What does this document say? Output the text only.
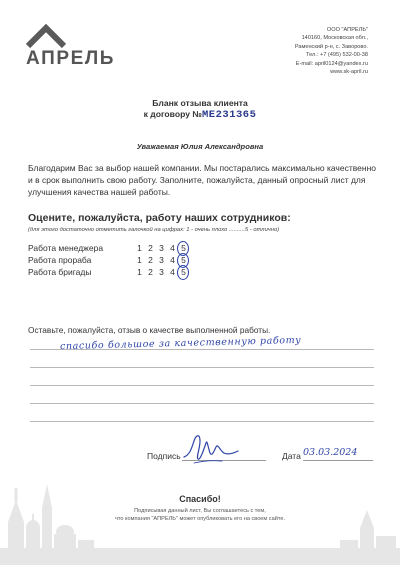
АПРЕЛЬ
ООО "АПРЕЛЬ"
140160, Московская обл.,
Раменский р-н, с. Заворово.
Тел.: +7 (495) 532-00-38
E-mail: april0124@yandex.ru
www.sk-april.ru
Бланк отзыва клиента
к договору №МЕ231365
Уважаемая Юлия Александровна
Благодарим Вас за выбор нашей компании. Мы постарались максимально качественно и в срок выполнить свою работу. Заполните, пожалуйста, данный опросный лист для улучшения качества нашей работы.
Оцените, пожалуйста, работу наших сотрудников:
(для этого достаточно отметить галочкой на цифрах: 1 - очень плохо ..........5 - отлично)
Работа менеджера	1 2 3 4 5
Работа прораба	1 2 3 4 5
Работа бригады	1 2 3 4 5
Оставьте, пожалуйста, отзыв о качестве выполненной работы.
спасибо большое за качественную работу
Подпись	Дата 03.03.2024
Спасибо!
Подписывая данный лист, Вы соглашаетесь с тем,
что компания "АПРЕЛЬ" может опубликовать его на своем сайте.
